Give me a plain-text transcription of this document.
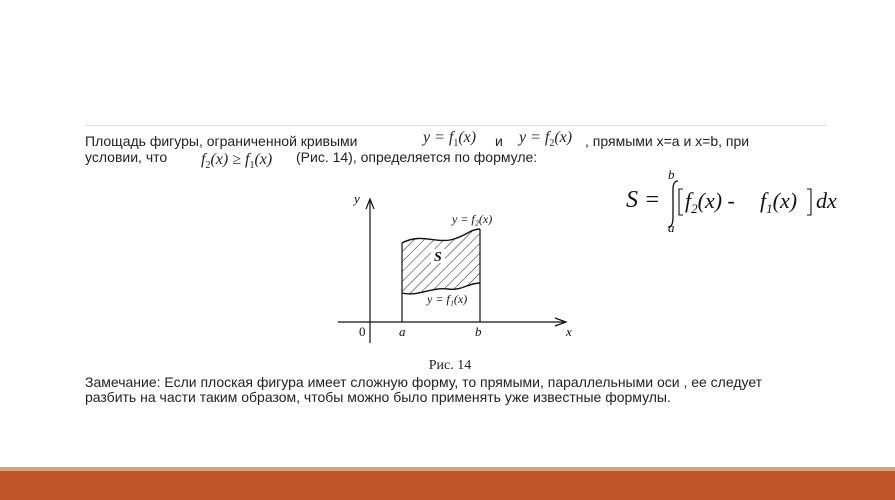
Площадь фигуры, ограниченной кривыми	$y = f_1(x)$ и $y = f_2(x)$ , прямыми x=a и x=b, при
условии, что $f_2(x) \ge f_1(x)$ (Рис. 14), определяется по формуле:
S =
b
a
$f_2(x) - f_1(x)$ dx
y
x
0	a	b
S
y = f₂(x)
y = f₁(x)
Рис. 14
Замечание: Если плоская фигура имеет сложную форму, то прямыми, параллельными оси , ее следует разбить на части таким образом, чтобы можно было применять уже известные формулы.
